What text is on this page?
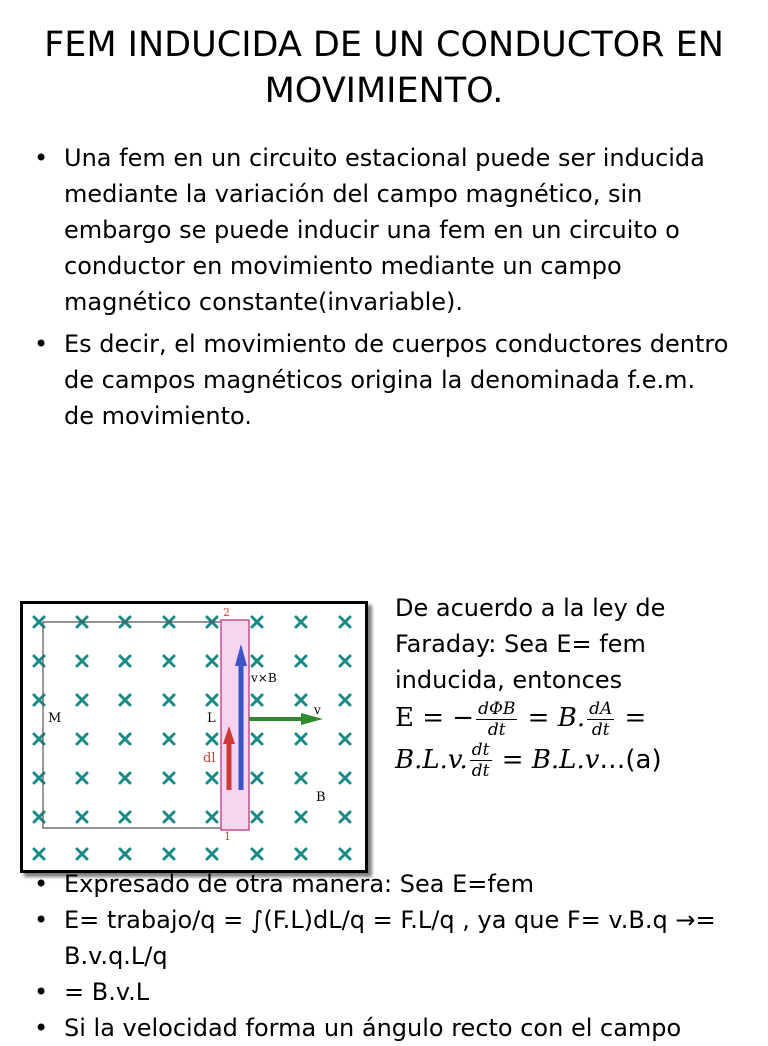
FEM INDUCIDA DE UN CONDUCTOR EN MOVIMIENTO.
• Una fem en un circuito estacional puede ser inducida mediante la variación del campo magnético, sin embargo se puede inducir una fem en un circuito o conductor en movimiento mediante un campo magnético constante(invariable).
• Es decir, el movimiento de cuerpos conductores dentro de campos magnéticos origina la denominada f.e.m. de movimiento.
M	L
B
v
v×B
dl
2
1
De acuerdo a la ley de Faraday: Sea E= fem inducida, entonces
E = − $\frac{\text{dΦB}}{dt} = B$. $\frac{dA}{dt}$ =
B.L.v. $\frac{dt}{dt}$ = B.L.v…(a)
• Expresado de otra manera: Sea E=fem
• E= trabajo/q = ∫(F.L)dL/q = F.L/q , ya que F= v.B.q →= B.v.q.L/q
• = B.v.L
• Si la velocidad forma un ángulo recto con el campo
